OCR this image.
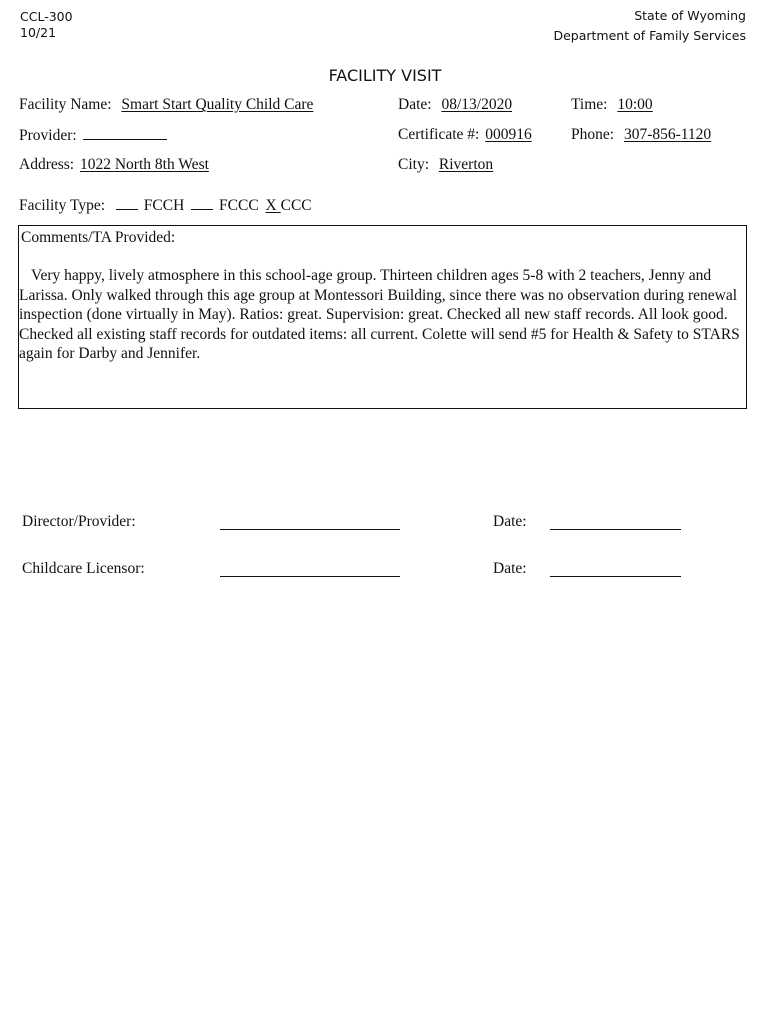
CCL-300
10/21
State of Wyoming
Department of Family Services
FACILITY VISIT
Facility Name: Smart Start Quality Child Care	Date: 08/13/2020	Time: 10:00
Provider:	Certificate #: 000916	Phone: 307-856-1120
Address: 1022 North 8th West	City: Riverton
Facility Type:	FCCH FCCC X CCC
Comments/TA Provided:
Very happy, lively atmosphere in this school-age group. Thirteen children ages 5-8 with 2 teachers, Jenny and Larissa. Only walked through this age group at Montessori Building, since there was no observation during renewal inspection (done virtually in May). Ratios: great. Supervision: great. Checked all new staff records. All look good. Checked all existing staff records for outdated items: all current. Colette will send #5 for Health & Safety to STARS again for Darby and Jennifer.
Director/Provider:	Date:
Childcare Licensor:	Date:
